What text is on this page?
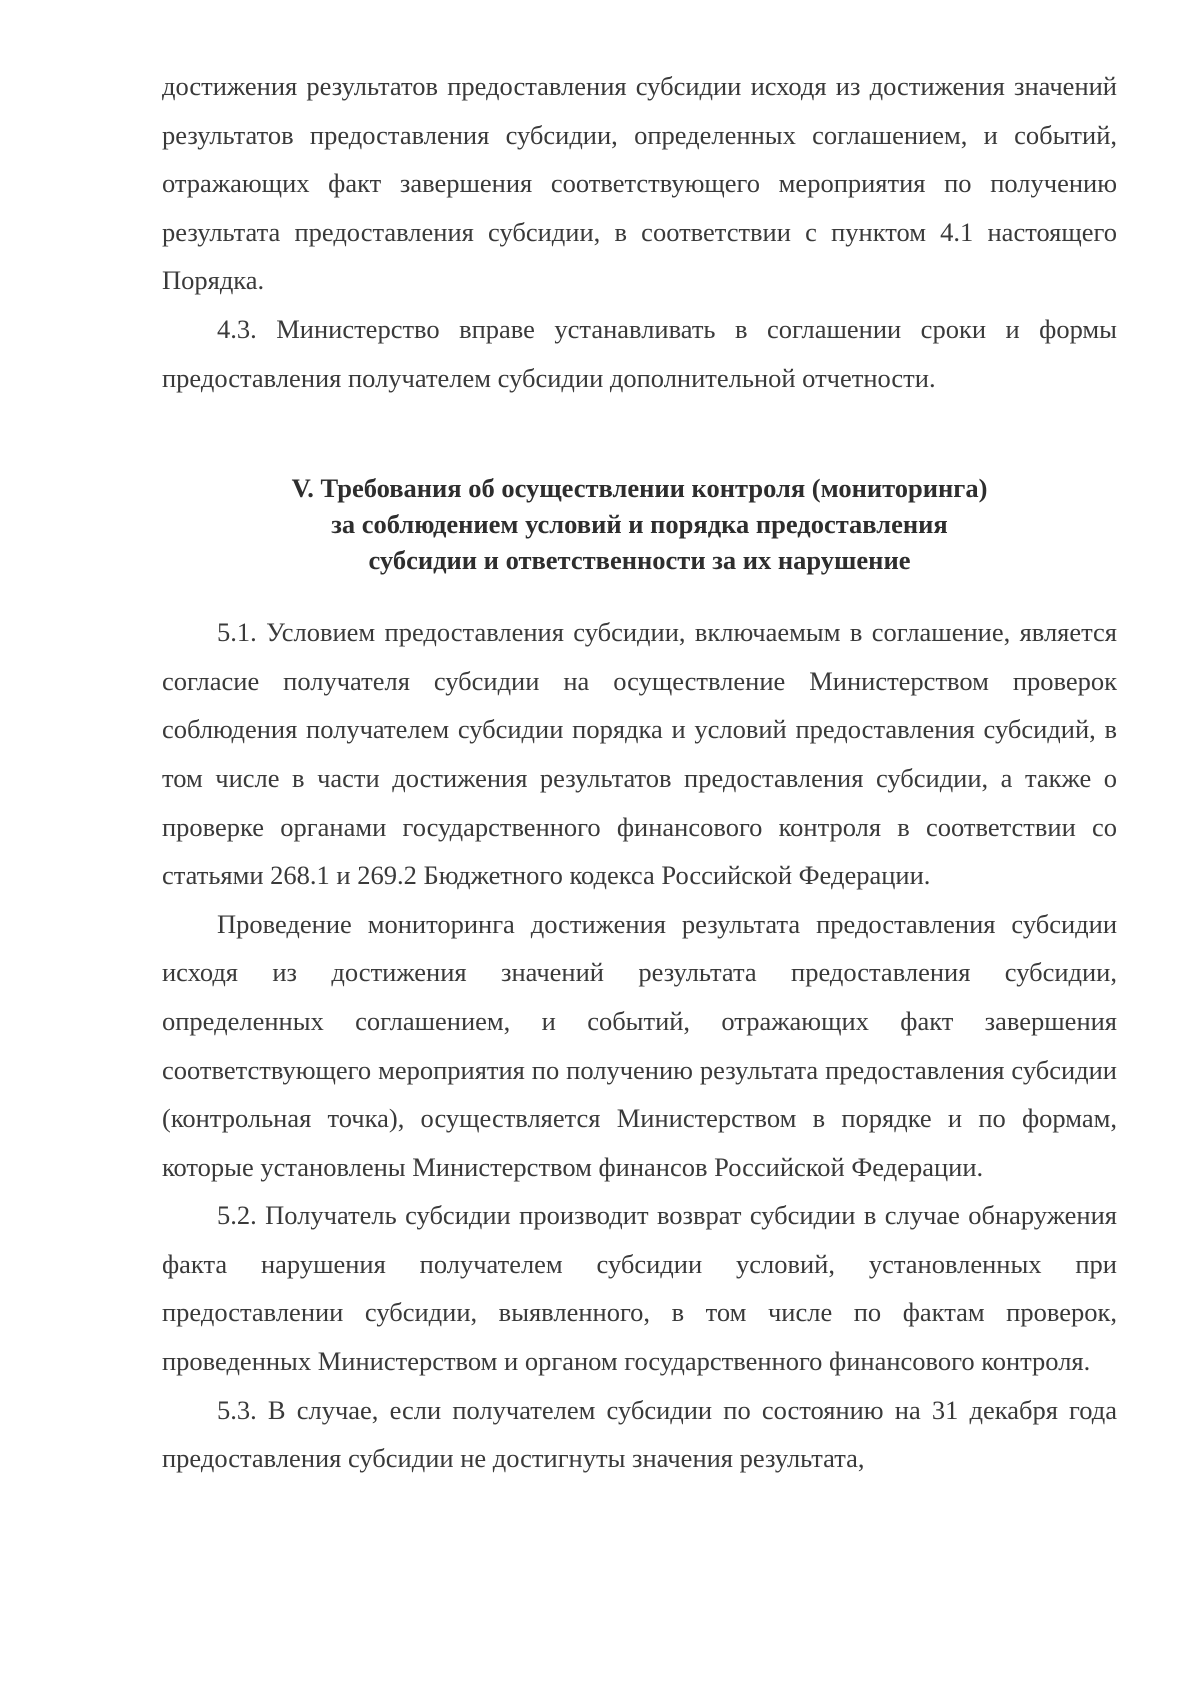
достижения результатов предоставления субсидии исходя из достижения значений результатов предоставления субсидии, определенных соглашением, и событий, отражающих факт завершения соответствующего мероприятия по получению результата предоставления субсидии, в соответствии с пунктом 4.1 настоящего Порядка.

4.3. Министерство вправе устанавливать в соглашении сроки и формы предоставления получателем субсидии дополнительной отчетности.

V. Требования об осуществлении контроля (мониторинга)
за соблюдением условий и порядка предоставления
субсидии и ответственности за их нарушение

5.1. Условием предоставления субсидии, включаемым в соглашение, является согласие получателя субсидии на осуществление Министерством проверок соблюдения получателем субсидии порядка и условий предоставления субсидий, в том числе в части достижения результатов предоставления субсидии, а также о проверке органами государственного финансового контроля в соответствии со статьями 268.1 и 269.2 Бюджетного кодекса Российской Федерации.

Проведение мониторинга достижения результата предоставления субсидии исходя из достижения значений результата предоставления субсидии, определенных соглашением, и событий, отражающих факт завершения соответствующего мероприятия по получению результата предоставления субсидии (контрольная точка), осуществляется Министерством в порядке и по формам, которые установлены Министерством финансов Российской Федерации.

5.2. Получатель субсидии производит возврат субсидии в случае обнаружения факта нарушения получателем субсидии условий, установленных при предоставлении субсидии, выявленного, в том числе по фактам проверок, проведенных Министерством и органом государственного финансового контроля.

5.3. В случае, если получателем субсидии по состоянию на 31 декабря года предоставления субсидии не достигнуты значения результата,
